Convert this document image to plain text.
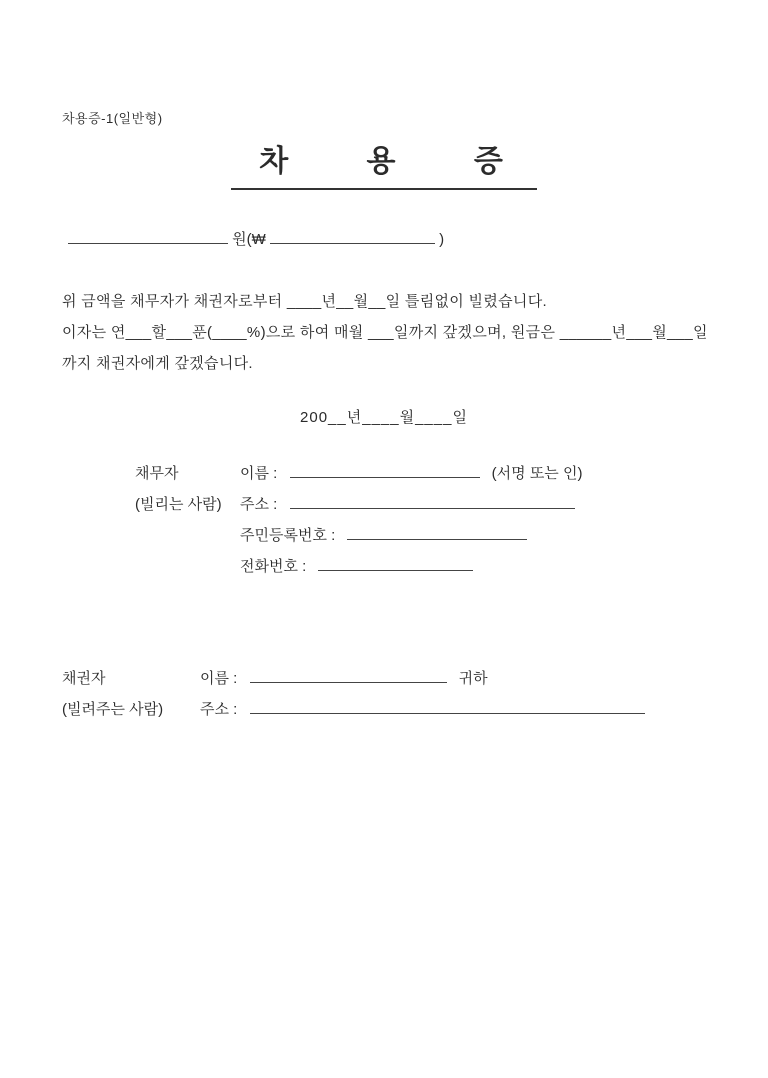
차용증-1(일반형)
차 용 증
원(₩	)
위 금액을 채무자가 채권자로부터 ____년__월__일 틀림없이 빌렸습니다.
이자는 연___할___푼(____%)으로 하여 매월 ___일까지 갚겠으며, 원금은 ______년___월___일
까지 채권자에게 갚겠습니다.
200__년____월____일
채무자
(빌리는 사람)
이름 :	(서명 또는 인)
주소 :
주민등록번호 :
전화번호 :
채권자
(빌려주는 사람)
이름 :	귀하
주소 :
